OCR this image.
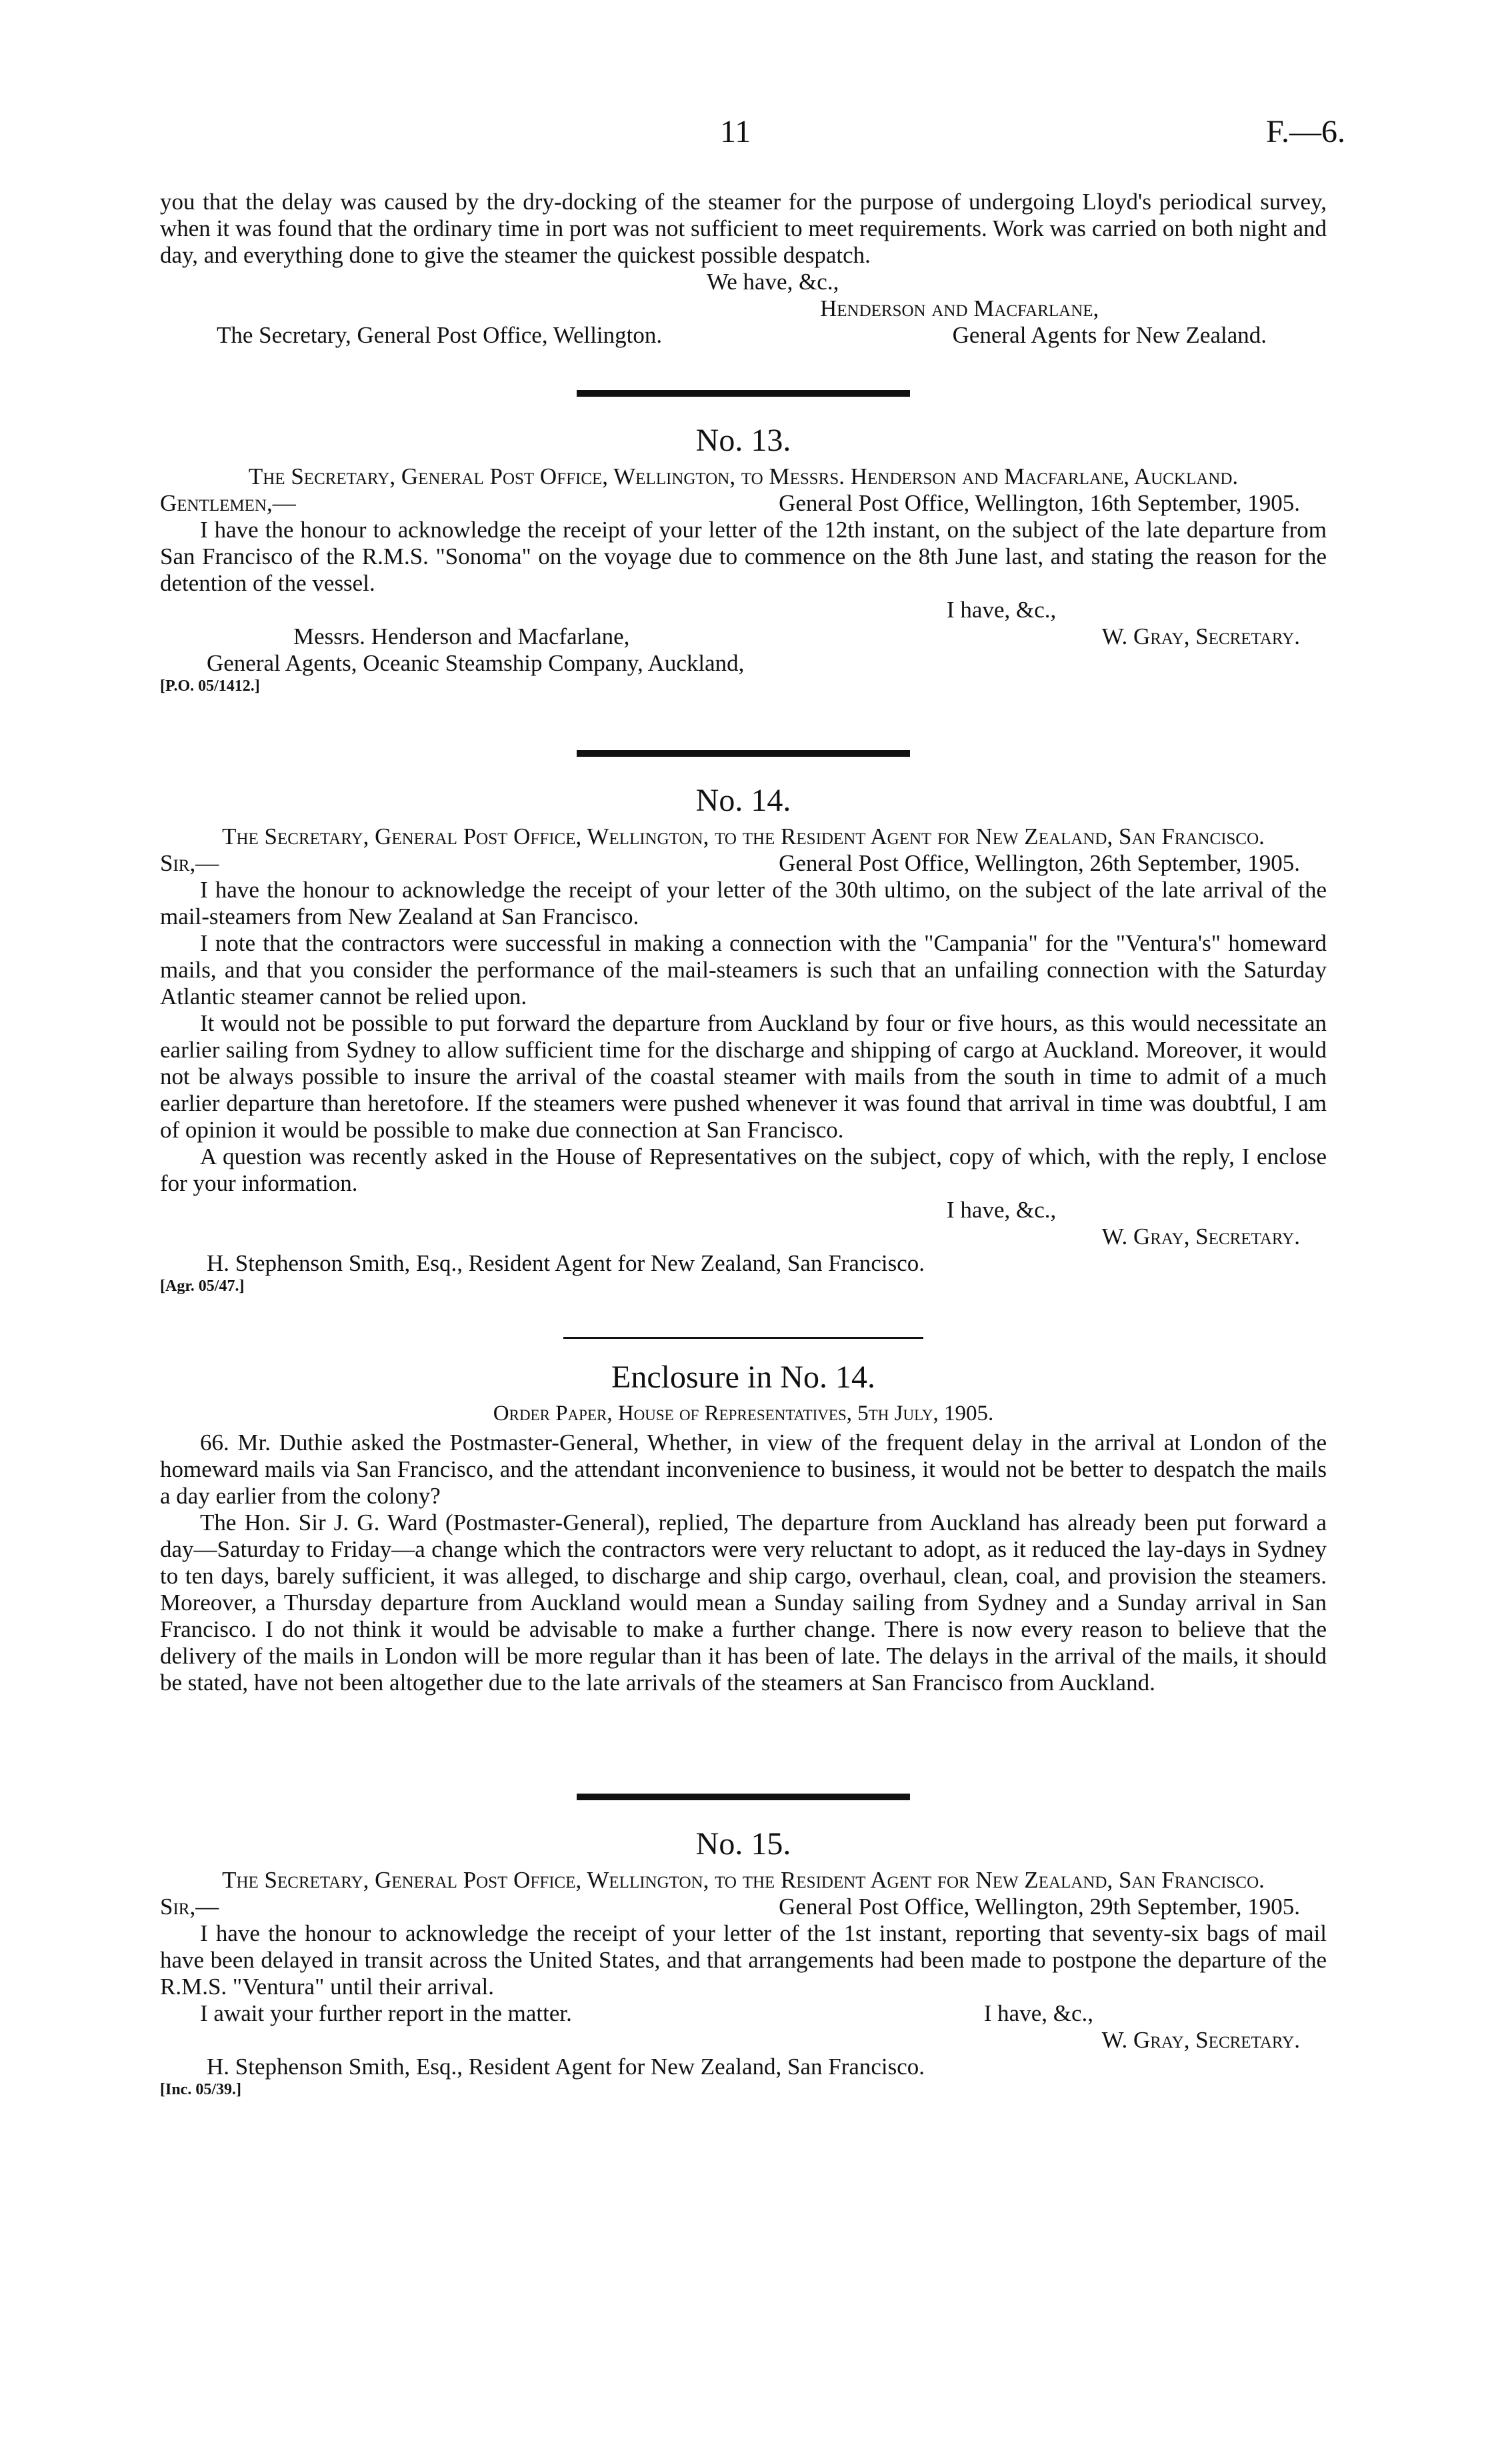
11	F.—6.

you that the delay was caused by the dry-docking of the steamer for the purpose of undergoing Lloyd's periodical survey, when it was found that the ordinary time in port was not sufficient to meet requirements. Work was carried on both night and day, and everything done to give the steamer the quickest possible despatch.

We have, &c.,

Henderson and Macfarlane,

The Secretary, General Post Office, Wellington.	General Agents for New Zealand.
No. 13.

The Secretary, General Post Office, Wellington, to Messrs. Henderson and Macfarlane, Auckland.

Gentlemen,—	General Post Office, Wellington, 16th September, 1905.

I have the honour to acknowledge the receipt of your letter of the 12th instant, on the subject of the late departure from San Francisco of the R.M.S. "Sonoma" on the voyage due to commence on the 8th June last, and stating the reason for the detention of the vessel.

I have, &c.,

Messrs. Henderson and Macfarlane,	W. Gray, Secretary.

General Agents, Oceanic Steamship Company, Auckland,

[P.O. 05/1412.]
No. 14.

The Secretary, General Post Office, Wellington, to the Resident Agent for New Zealand, San Francisco.

Sir,—	General Post Office, Wellington, 26th September, 1905.

I have the honour to acknowledge the receipt of your letter of the 30th ultimo, on the subject of the late arrival of the mail-steamers from New Zealand at San Francisco.

I note that the contractors were successful in making a connection with the "Campania" for the "Ventura's" homeward mails, and that you consider the performance of the mail-steamers is such that an unfailing connection with the Saturday Atlantic steamer cannot be relied upon.

It would not be possible to put forward the departure from Auckland by four or five hours, as this would necessitate an earlier sailing from Sydney to allow sufficient time for the discharge and shipping of cargo at Auckland. Moreover, it would not be always possible to insure the arrival of the coastal steamer with mails from the south in time to admit of a much earlier departure than heretofore. If the steamers were pushed whenever it was found that arrival in time was doubtful, I am of opinion it would be possible to make due connection at San Francisco.

A question was recently asked in the House of Representatives on the subject, copy of which, with the reply, I enclose for your information.

I have, &c.,

W. Gray, Secretary.

H. Stephenson Smith, Esq., Resident Agent for New Zealand, San Francisco.

[Agr. 05/47.]
Enclosure in No. 14.
Order Paper, House of Representatives, 5th July, 1905.

66. Mr. Duthie asked the Postmaster-General, Whether, in view of the frequent delay in the arrival at London of the homeward mails via San Francisco, and the attendant inconvenience to business, it would not be better to despatch the mails a day earlier from the colony?

The Hon. Sir J. G. Ward (Postmaster-General), replied, The departure from Auckland has already been put forward a day—Saturday to Friday—a change which the contractors were very reluctant to adopt, as it reduced the lay-days in Sydney to ten days, barely sufficient, it was alleged, to discharge and ship cargo, overhaul, clean, coal, and provision the steamers. Moreover, a Thursday departure from Auckland would mean a Sunday sailing from Sydney and a Sunday arrival in San Francisco. I do not think it would be advisable to make a further change. There is now every reason to believe that the delivery of the mails in London will be more regular than it has been of late. The delays in the arrival of the mails, it should be stated, have not been altogether due to the late arrivals of the steamers at San Francisco from Auckland.

No. 15.

The Secretary, General Post Office, Wellington, to the Resident Agent for New Zealand, San Francisco.

Sir,—	General Post Office, Wellington, 29th September, 1905.

I have the honour to acknowledge the receipt of your letter of the 1st instant, reporting that seventy-six bags of mail have been delayed in transit across the United States, and that arrangements had been made to postpone the departure of the R.M.S. "Ventura" until their arrival.

I await your further report in the matter.	I have, &c.,

W. Gray, Secretary.

H. Stephenson Smith, Esq., Resident Agent for New Zealand, San Francisco.

[Inc. 05/39.]
